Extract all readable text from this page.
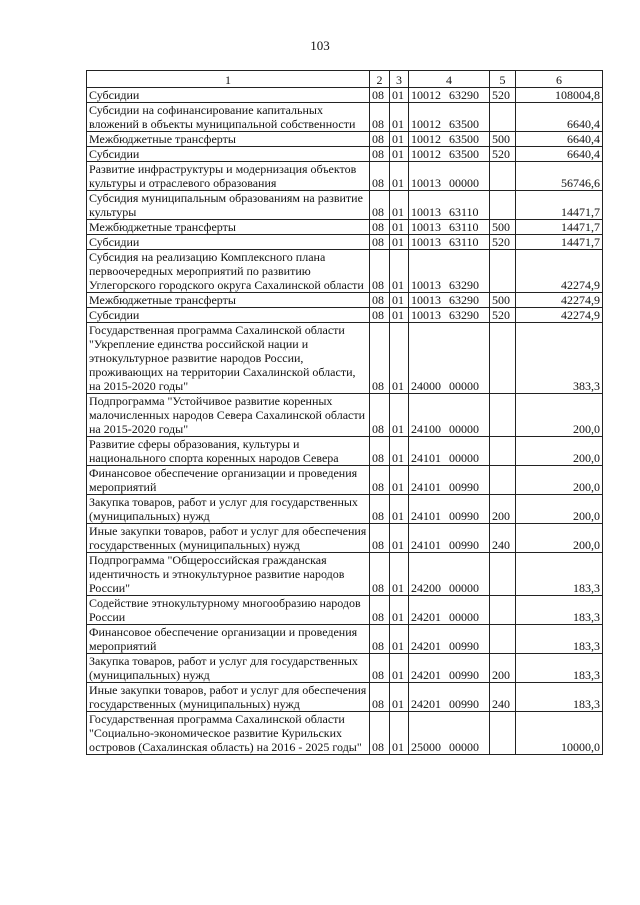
103
1	2	3	4	5	6
Субсидии	08	01	10012 63290	520	108004,8
Субсидии на софинансирование капитальных вложений в объекты муниципальной собственности	08	01	10012 63500		6640,4
Межбюджетные трансферты	08	01	10012 63500	500	6640,4
Субсидии	08	01	10012 63500	520	6640,4
Развитие инфраструктуры и модернизация объектов культуры и отраслевого образования	08	01	10013 00000		56746,6
Субсидия муниципальным образованиям на развитие культуры	08	01	10013 63110		14471,7
Межбюджетные трансферты	08	01	10013 63110	500	14471,7
Субсидии	08	01	10013 63110	520	14471,7
Субсидия на реализацию Комплексного плана первоочередных мероприятий по развитию Углегорского городского округа Сахалинской области	08	01	10013 63290		42274,9
Межбюджетные трансферты	08	01	10013 63290	500	42274,9
Субсидии	08	01	10013 63290	520	42274,9
Государственная программа Сахалинской области "Укрепление единства российской нации и этнокультурное развитие народов России, проживающих на территории Сахалинской области, на 2015-2020 годы"	08	01	24000 00000		383,3
Подпрограмма "Устойчивое развитие коренных малочисленных народов Севера Сахалинской области на 2015-2020 годы"	08	01	24100 00000		200,0
Развитие сферы образования, культуры и национального спорта коренных народов Севера	08	01	24101 00000		200,0
Финансовое обеспечение организации и проведения мероприятий	08	01	24101 00990		200,0
Закупка товаров, работ и услуг для государственных (муниципальных) нужд	08	01	24101 00990	200	200,0
Иные закупки товаров, работ и услуг для обеспечения государственных (муниципальных) нужд	08	01	24101 00990	240	200,0
Подпрограмма "Общероссийская гражданская идентичность и этнокультурное развитие народов России"	08	01	24200 00000		183,3
Содействие этнокультурному многообразию народов России	08	01	24201 00000		183,3
Финансовое обеспечение организации и проведения мероприятий	08	01	24201 00990		183,3
Закупка товаров, работ и услуг для государственных (муниципальных) нужд	08	01	24201 00990	200	183,3
Иные закупки товаров, работ и услуг для обеспечения государственных (муниципальных) нужд	08	01	24201 00990	240	183,3
Государственная программа Сахалинской области "Социально-экономическое развитие Курильских островов (Сахалинская область) на 2016 - 2025 годы"	08	01	25000 00000		10000,0
